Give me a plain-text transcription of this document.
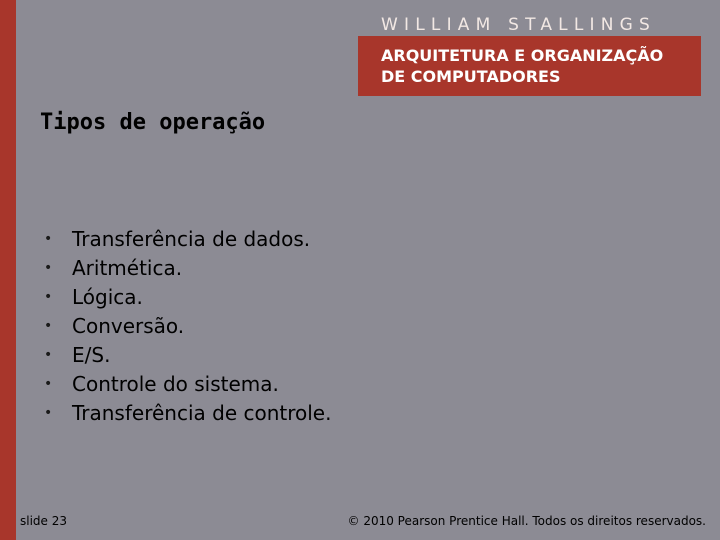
WILLIAM STALLINGS
ARQUITETURA E ORGANIZAÇÃO
DE COMPUTADORES
Tipos de operação
• Transferência de dados.
• Aritmética.
• Lógica.
• Conversão.
• E/S.
• Controle do sistema.
• Transferência de controle.
slide 23	© 2010 Pearson Prentice Hall. Todos os direitos reservados.
